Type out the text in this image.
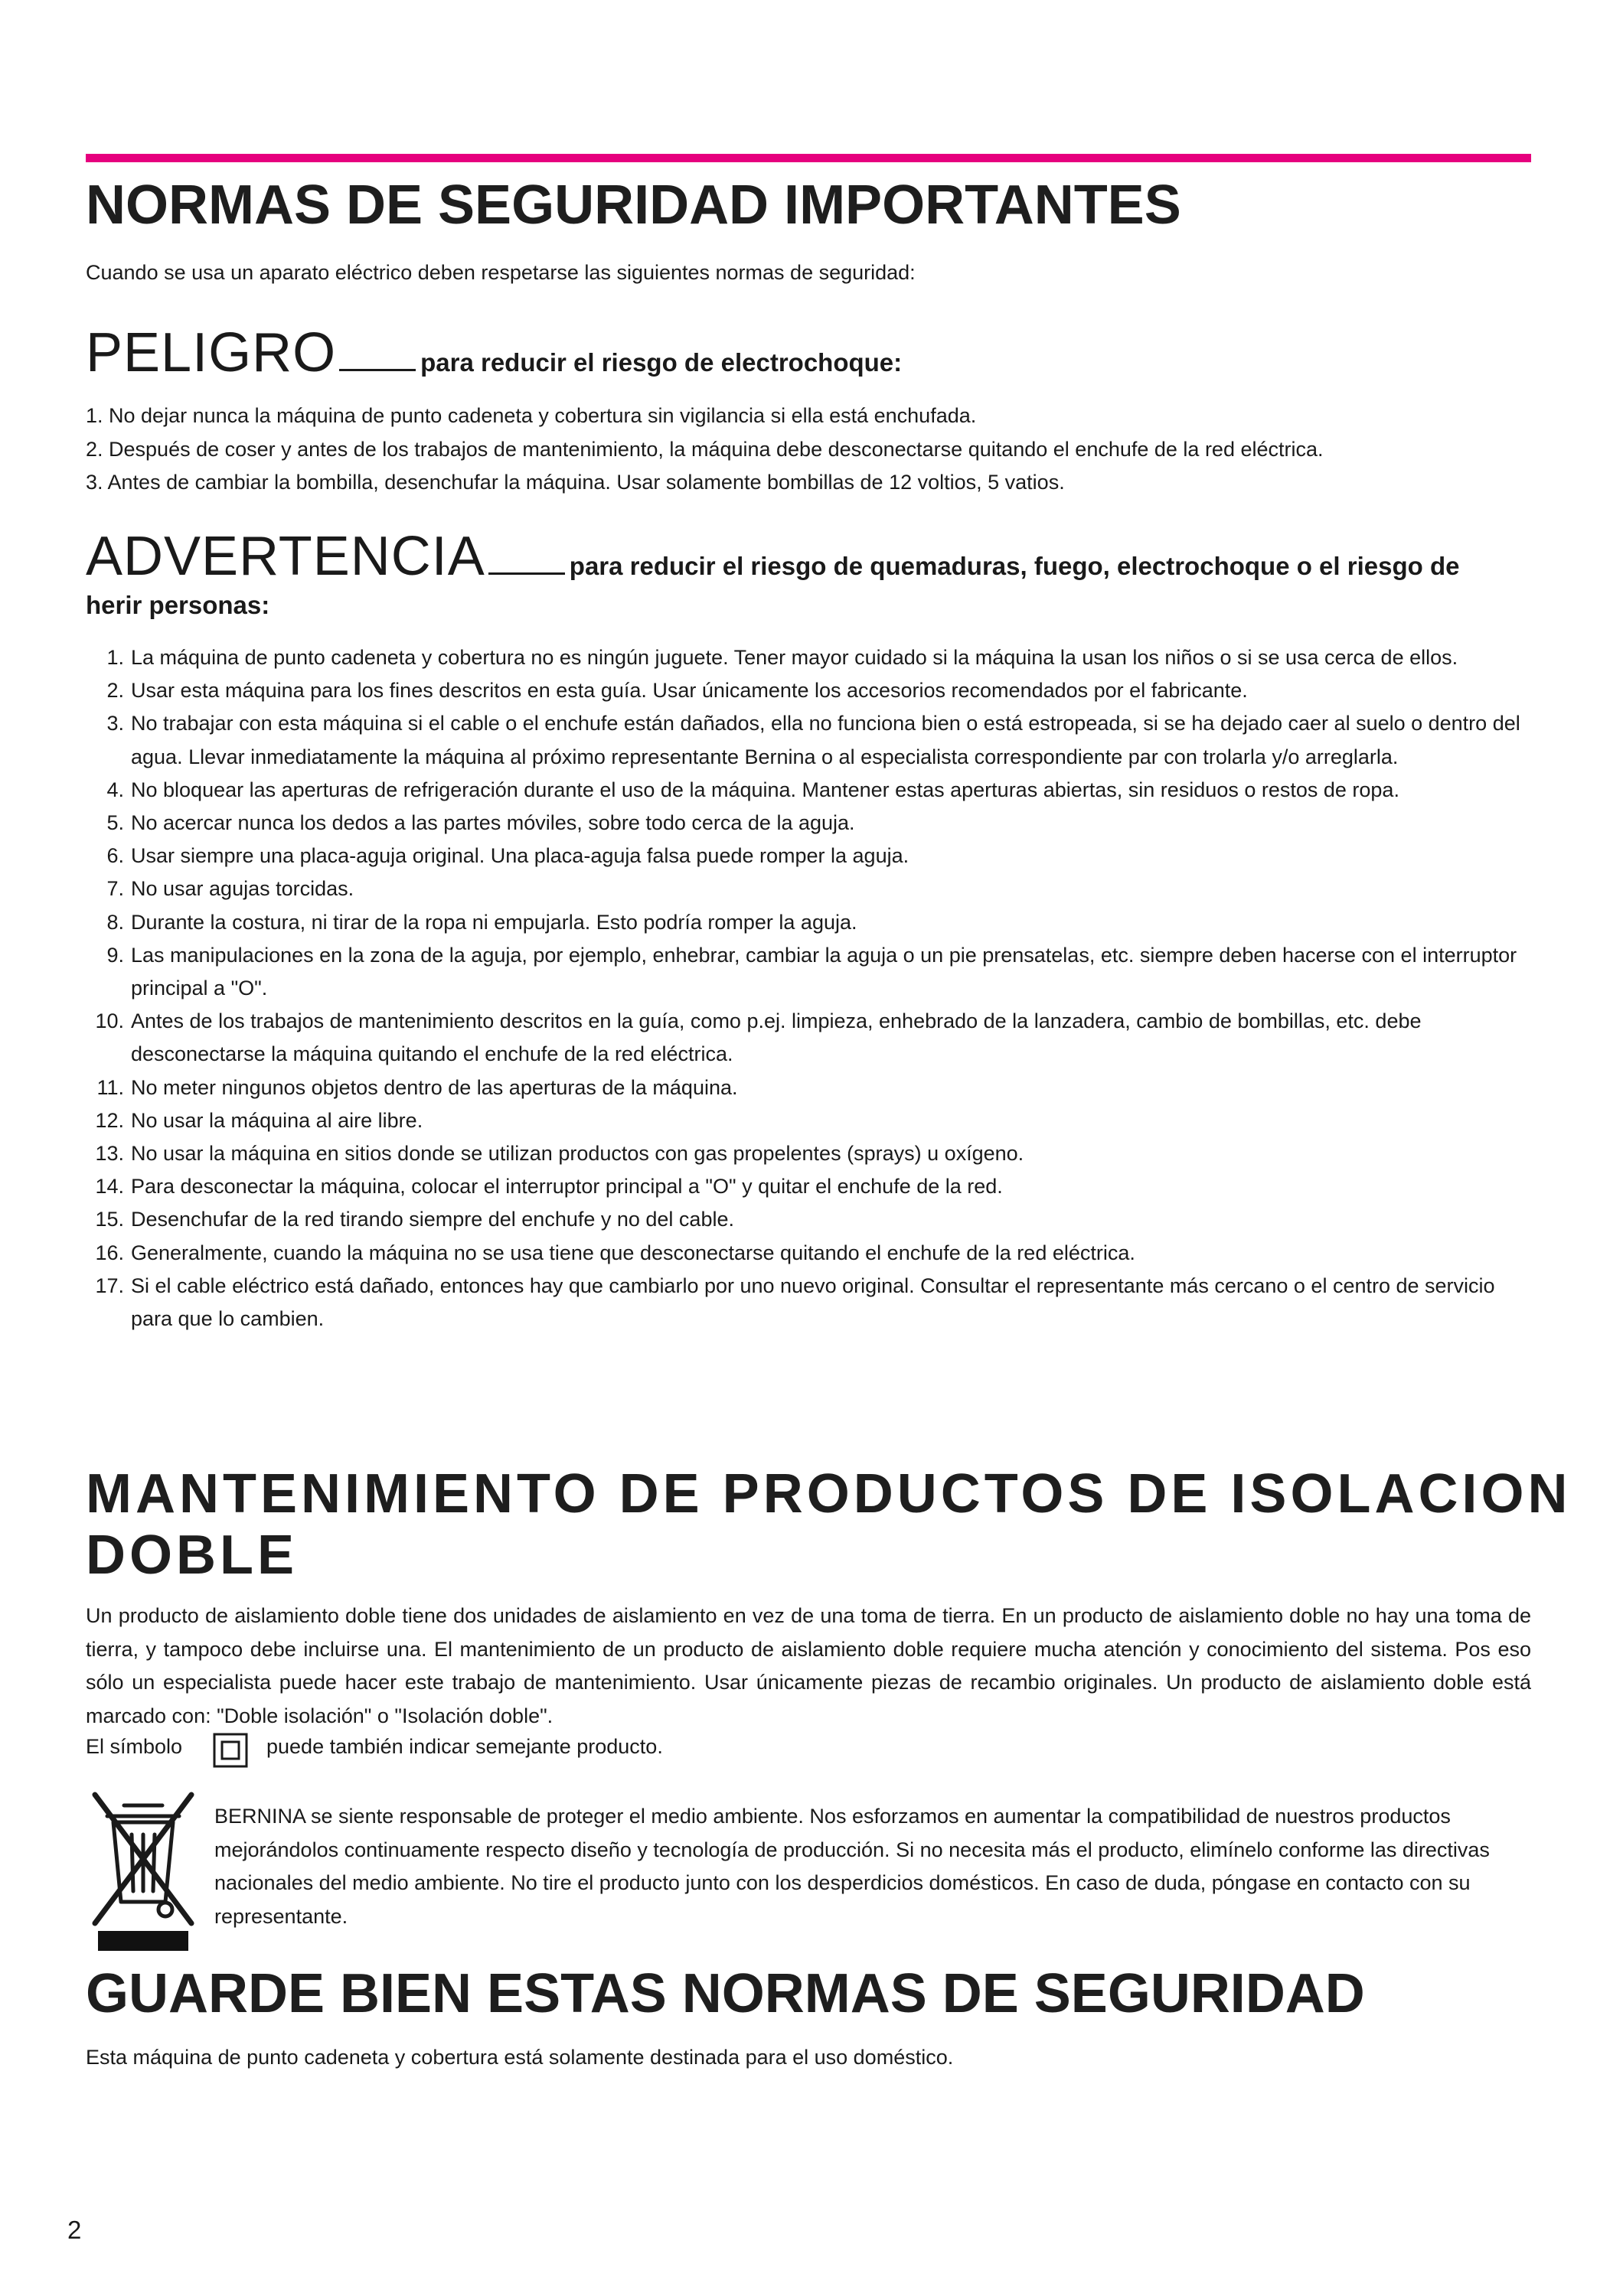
NORMAS DE SEGURIDAD IMPORTANTES
Cuando se usa un aparato eléctrico deben respetarse las siguientes normas de seguridad:
PELIGRO	para reducir el riesgo de electrochoque:
1. No dejar nunca la máquina de punto cadeneta y cobertura sin vigilancia si ella está enchufada.
2. Después de coser y antes de los trabajos de mantenimiento, la máquina debe desconectarse quitando el enchufe de la red eléctrica.
3. Antes de cambiar la bombilla, desenchufar la máquina. Usar solamente bombillas de 12 voltios, 5 vatios.
ADVERTENCIA	para reducir el riesgo de quemaduras, fuego, electrochoque o el riesgo de
herir personas:
1. La máquina de punto cadeneta y cobertura no es ningún juguete. Tener mayor cuidado si la máquina la usan los niños o si se usa cerca de ellos.
2. Usar esta máquina para los fines descritos en esta guía. Usar únicamente los accesorios recomendados por el fabricante.
3. No trabajar con esta máquina si el cable o el enchufe están dañados, ella no funciona bien o está estropeada, si se ha dejado caer al suelo o dentro del agua. Llevar inmediatamente la máquina al próximo representante Bernina o al especialista correspondiente par con trolarla y/o arreglarla.
4. No bloquear las aperturas de refrigeración durante el uso de la máquina. Mantener estas aperturas abiertas, sin residuos o restos de ropa.
5. No acercar nunca los dedos a las partes móviles, sobre todo cerca de la aguja.
6. Usar siempre una placa-aguja original. Una placa-aguja falsa puede romper la aguja.
7. No usar agujas torcidas.
8. Durante la costura, ni tirar de la ropa ni empujarla. Esto podría romper la aguja.
9. Las manipulaciones en la zona de la aguja, por ejemplo, enhebrar, cambiar la aguja o un pie prensatelas, etc. siempre deben hacerse con el interruptor principal a "O".
10. Antes de los trabajos de mantenimiento descritos en la guía, como p.ej. limpieza, enhebrado de la lanzadera, cambio de bombillas, etc. debe desconectarse la máquina quitando el enchufe de la red eléctrica.
11. No meter ningunos objetos dentro de las aperturas de la máquina.
12. No usar la máquina al aire libre.
13. No usar la máquina en sitios donde se utilizan productos con gas propelentes (sprays) u oxígeno.
14. Para desconectar la máquina, colocar el interruptor principal a "O" y quitar el enchufe de la red.
15. Desenchufar de la red tirando siempre del enchufe y no del cable.
16. Generalmente, cuando la máquina no se usa tiene que desconectarse quitando el enchufe de la red eléctrica.
17. Si el cable eléctrico está dañado, entonces hay que cambiarlo por uno nuevo original. Consultar el representante más cercano o el centro de servicio para que lo cambien.
MANTENIMIENTO DE PRODUCTOS DE ISOLACION
DOBLE
Un producto de aislamiento doble tiene dos unidades de aislamiento en vez de una toma de tierra. En un producto de aislamiento doble no hay una toma de tierra, y tampoco debe incluirse una. El mantenimiento de un producto de aislamiento doble requiere mucha atención y conocimiento del sistema. Pos eso sólo un especialista puede hacer este trabajo de mantenimiento. Usar únicamente piezas de recambio originales. Un producto de aislamiento doble está marcado con: "Doble isolación" o "Isolación doble".
El símbolo	puede también indicar semejante producto.
BERNINA se siente responsable de proteger el medio ambiente. Nos esforzamos en aumentar la compatibilidad de nuestros productos mejorándolos continuamente respecto diseño y tecnología de producción. Si no necesita más el producto, elimínelo conforme las directivas nacionales del medio ambiente. No tire el producto junto con los desperdicios domésticos. En caso de duda, póngase en contacto con su representante.
GUARDE BIEN ESTAS NORMAS DE SEGURIDAD
Esta máquina de punto cadeneta y cobertura está solamente destinada para el uso doméstico.
2
